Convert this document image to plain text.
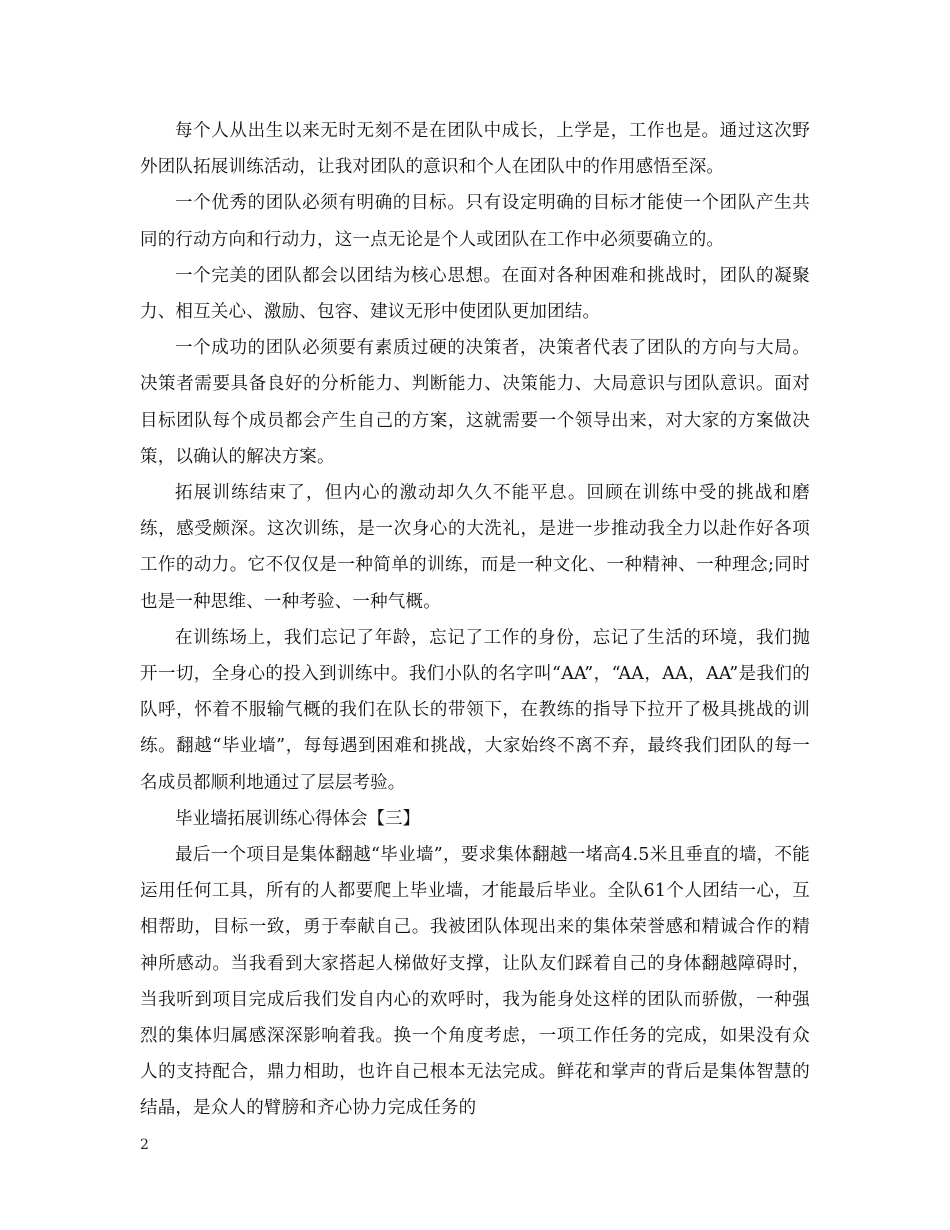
每个人从出生以来无时无刻不是在团队中成长，上学是，工作也是。通过这次野外团队拓展训练活动，让我对团队的意识和个人在团队中的作用感悟至深。

一个优秀的团队必须有明确的目标。只有设定明确的目标才能使一个团队产生共同的行动方向和行动力，这一点无论是个人或团队在工作中必须要确立的。

一个完美的团队都会以团结为核心思想。在面对各种困难和挑战时，团队的凝聚力、相互关心、激励、包容、建议无形中使团队更加团结。

一个成功的团队必须要有素质过硬的决策者，决策者代表了团队的方向与大局。决策者需要具备良好的分析能力、判断能力、决策能力、大局意识与团队意识。面对目标团队每个成员都会产生自己的方案，这就需要一个领导出来，对大家的方案做决策，以确认的解决方案。

拓展训练结束了，但内心的激动却久久不能平息。回顾在训练中受的挑战和磨练，感受颇深。这次训练，是一次身心的大洗礼，是进一步推动我全力以赴作好各项工作的动力。它不仅仅是一种简单的训练，而是一种文化、一种精神、一种理念;同时也是一种思维、一种考验、一种气概。

在训练场上，我们忘记了年龄，忘记了工作的身份，忘记了生活的环境，我们抛开一切，全身心的投入到训练中。我们小队的名字叫“AA”，“AA，AA，AA”是我们的队呼，怀着不服输气概的我们在队长的带领下，在教练的指导下拉开了极具挑战的训练。翻越“毕业墙”，每每遇到困难和挑战，大家始终不离不弃，最终我们团队的每一名成员都顺利地通过了层层考验。

毕业墙拓展训练心得体会【三】

最后一个项目是集体翻越“毕业墙”，要求集体翻越一堵高4.5米且垂直的墙，不能运用任何工具，所有的人都要爬上毕业墙，才能最后毕业。全队61个人团结一心，互相帮助，目标一致，勇于奉献自己。我被团队体现出来的集体荣誉感和精诚合作的精神所感动。当我看到大家搭起人梯做好支撑，让队友们踩着自己的身体翻越障碍时，当我听到项目完成后我们发自内心的欢呼时，我为能身处这样的团队而骄傲，一种强烈的集体归属感深深影响着我。换一个角度考虑，一项工作任务的完成，如果没有众人的支持配合，鼎力相助，也许自己根本无法完成。鲜花和掌声的背后是集体智慧的结晶，是众人的臂膀和齐心协力完成任务的

2
